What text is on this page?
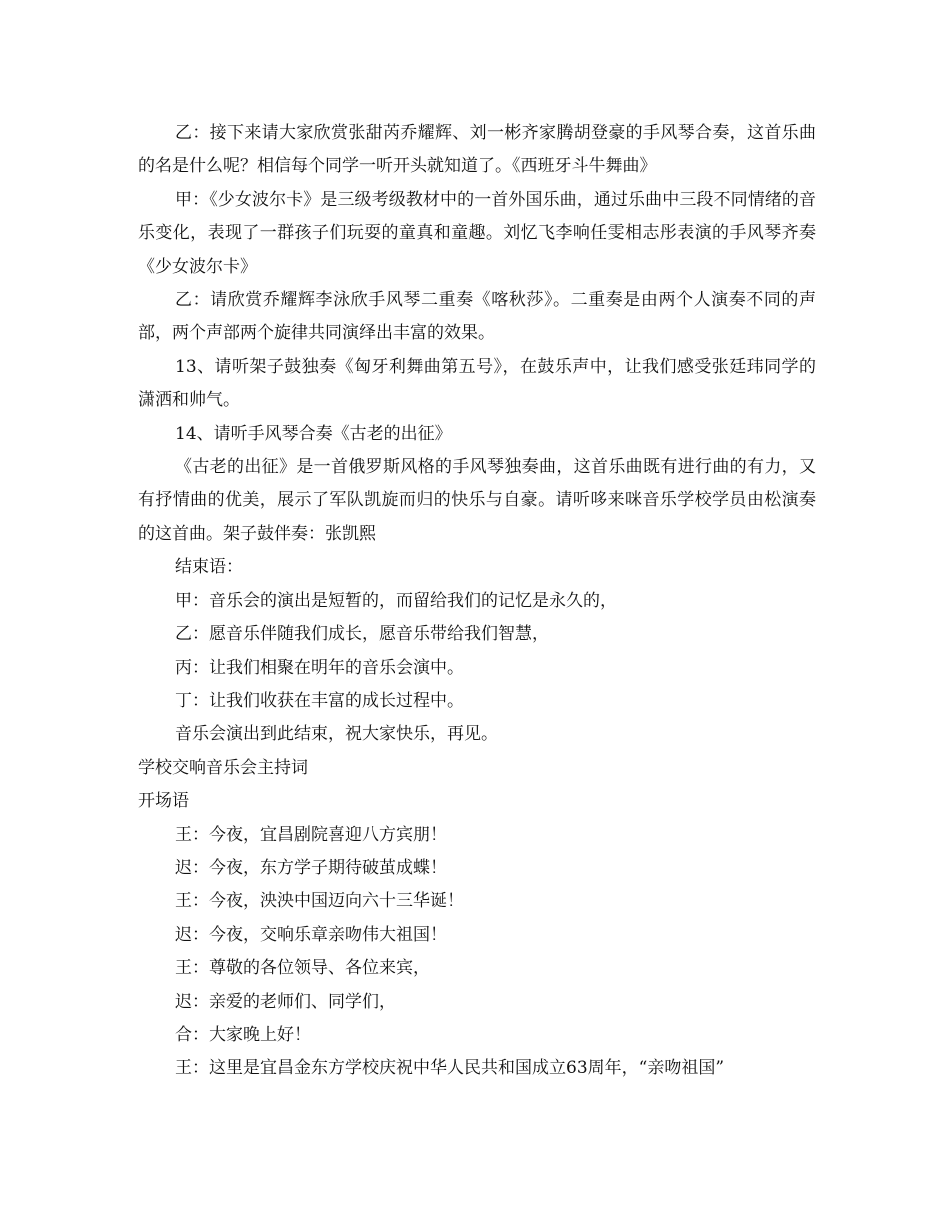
乙：接下来请大家欣赏张甜芮乔耀辉、刘一彬齐家腾胡登豪的手风琴合奏，这首乐曲的名是什么呢？相信每个同学一听开头就知道了。《西班牙斗牛舞曲》

甲：《少女波尔卡》是三级考级教材中的一首外国乐曲，通过乐曲中三段不同情绪的音乐变化，表现了一群孩子们玩耍的童真和童趣。刘忆飞李响任雯相志彤表演的手风琴齐奏《少女波尔卡》

乙：请欣赏乔耀辉李泳欣手风琴二重奏《喀秋莎》。二重奏是由两个人演奏不同的声部，两个声部两个旋律共同演绎出丰富的效果。

13、请听架子鼓独奏《匈牙利舞曲第五号》，在鼓乐声中，让我们感受张廷玮同学的潇洒和帅气。

14、请听手风琴合奏《古老的出征》

《古老的出征》是一首俄罗斯风格的手风琴独奏曲，这首乐曲既有进行曲的有力，又有抒情曲的优美，展示了军队凯旋而归的快乐与自豪。请听哆来咪音乐学校学员由松演奏的这首曲。架子鼓伴奏：张凯熙

结束语：

甲：音乐会的演出是短暂的，而留给我们的记忆是永久的，

乙：愿音乐伴随我们成长，愿音乐带给我们智慧，

丙：让我们相聚在明年的音乐会演中。

丁：让我们收获在丰富的成长过程中。

音乐会演出到此结束，祝大家快乐，再见。

学校交响音乐会主持词

开场语

王：今夜，宜昌剧院喜迎八方宾朋！

迟：今夜，东方学子期待破茧成蝶！

王：今夜，泱泱中国迈向六十三华诞！

迟：今夜，交响乐章亲吻伟大祖国！

王：尊敬的各位领导、各位来宾，

迟：亲爱的老师们、同学们，

合：大家晚上好！

王：这里是宜昌金东方学校庆祝中华人民共和国成立63周年，“亲吻祖国”
